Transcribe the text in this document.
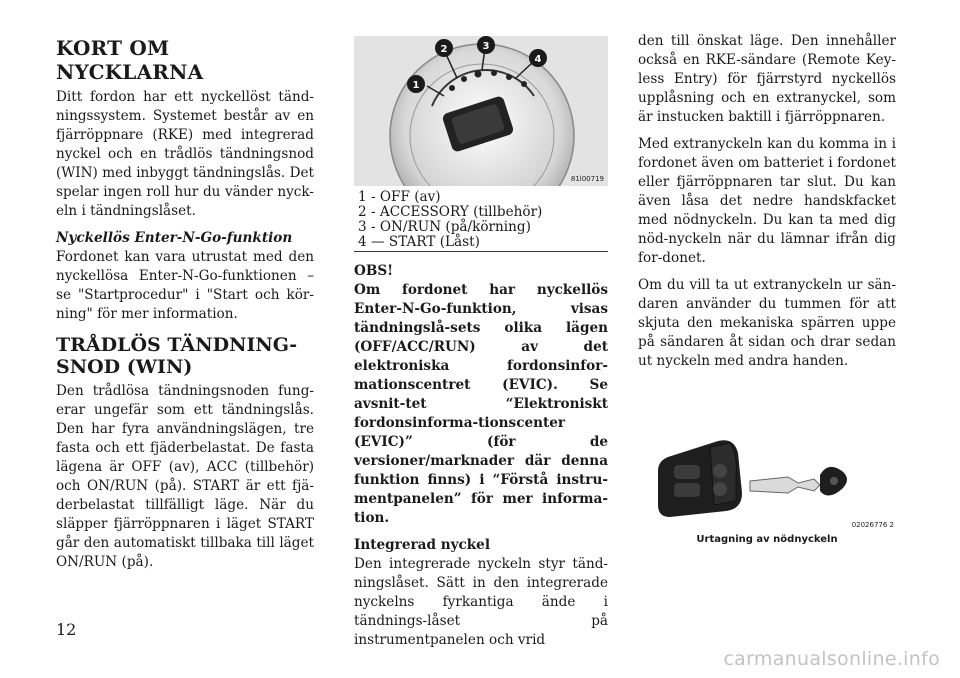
KORT OM NYCKLARNA

Ditt fordon har ett nyckellöst tänd-ningssystem. Systemet består av en fjärröppnare (RKE) med integrerad nyckel och en trådlös tändningsnod (WIN) med inbyggt tändningslås. Det spelar ingen roll hur du vänder nyck-eln i tändningslåset.

Nyckellös Enter-N-Go-funktion

Fordonet kan vara utrustat med den nyckellösa Enter-N-Go-funktionen – se "Startprocedur" i "Start och kör-ning" för mer information.

TRÅDLÖS TÄNDNING-
SNOD (WIN)

Den trådlösa tändningsnoden fung-erar ungefär som ett tändningslås. Den har fyra användningslägen, tre fasta och ett fjäderbelastat. De fasta lägena är OFF (av), ACC (tillbehör) och ON/RUN (på). START är ett fjä-derbelastat tillfälligt läge. När du släpper fjärröppnaren i läget START går den automatiskt tillbaka till läget ON/RUN (på).

1
2	3
4
81l00719
1 - OFF (av)
2 - ACCESSORY (tillbehör)
3 - ON/RUN (på/körning)
4 — START (Låst)

OBS!

Om fordonet har nyckellös Enter-N-Go-funktion, visas tändningslå-sets olika lägen (OFF/ACC/RUN) av det elektroniska fordonsinfor-mationscentret (EVIC). Se avsnit-tet “Elektroniskt fordonsinforma-tionscenter (EVIC)” (för de versioner/marknader där denna funktion finns) i “Förstå instru-mentpanelen” för mer informa-tion.

Integrerad nyckel

Den integrerade nyckeln styr tänd-ningslåset. Sätt in den integrerade nyckelns fyrkantiga ände i tändnings-låset på instrumentpanelen och vrid

den till önskat läge. Den innehåller också en RKE-sändare (Remote Key-less Entry) för fjärrstyrd nyckellös upplåsning och en extranyckel, som är instucken baktill i fjärröppnaren.

Med extranyckeln kan du komma in i fordonet även om batteriet i fordonet eller fjärröppnaren tar slut. Du kan även låsa det nedre handskfacket med nödnyckeln. Du kan ta med dig nöd-nyckeln när du lämnar ifrån dig for-donet.

Om du vill ta ut extranyckeln ur sän-daren använder du tummen för att skjuta den mekaniska spärren uppe på sändaren åt sidan och drar sedan ut nyckeln med andra handen.

02026776 2
Urtagning av nödnyckeln
12
carmanualsonline.info
